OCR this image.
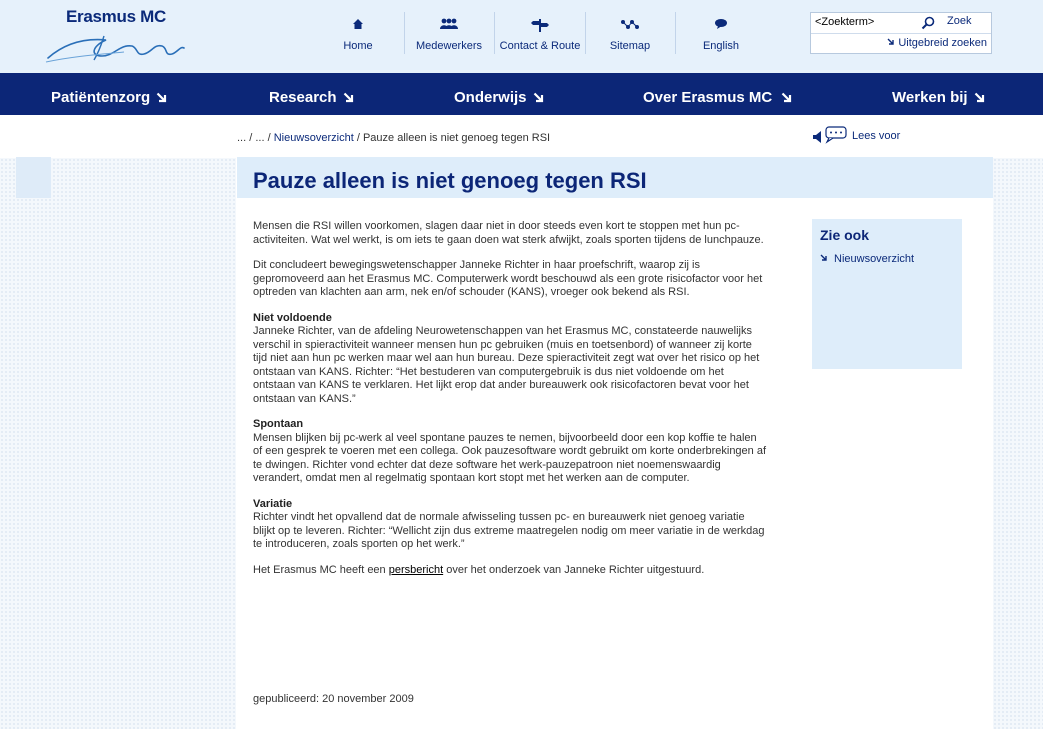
Erasmus MC
Home	Medewerkers	Contact & Route	Sitemap	English
<Zoekterm>
Zoek
Uitgebreid zoeken
Patiëntenzorg	Research	Onderwijs	Over Erasmus MC	Werken bij
... / ... / Nieuwsoverzicht / Pauze alleen is niet genoeg tegen RSI	Lees voor
Pauze alleen is niet genoeg tegen RSI

Mensen die RSI willen voorkomen, slagen daar niet in door steeds even kort te stoppen met hun pc-activiteiten. Wat wel werkt, is om iets te gaan doen wat sterk afwijkt, zoals sporten tijdens de lunchpauze.

Dit concludeert bewegingswetenschapper Janneke Richter in haar proefschrift, waarop zij is gepromoveerd aan het Erasmus MC. Computerwerk wordt beschouwd als een grote risicofactor voor het optreden van klachten aan arm, nek en/of schouder (KANS), vroeger ook bekend als RSI.

Niet voldoende
Janneke Richter, van de afdeling Neurowetenschappen van het Erasmus MC, constateerde nauwelijks verschil in spieractiviteit wanneer mensen hun pc gebruiken (muis en toetsenbord) of wanneer zij korte tijd niet aan hun pc werken maar wel aan hun bureau. Deze spieractiviteit zegt wat over het risico op het ontstaan van KANS. Richter: “Het bestuderen van computergebruik is dus niet voldoende om het ontstaan van KANS te verklaren. Het lijkt erop dat ander bureauwerk ook risicofactoren bevat voor het ontstaan van KANS.”
Spontaan
Mensen blijken bij pc-werk al veel spontane pauzes te nemen, bijvoorbeeld door een kop koffie te halen of een gesprek te voeren met een collega. Ook pauzesoftware wordt gebruikt om korte onderbrekingen af te dwingen. Richter vond echter dat deze software het werk-pauzepatroon niet noemenswaardig verandert, omdat men al regelmatig spontaan kort stopt met het werken aan de computer.
Variatie
Richter vindt het opvallend dat de normale afwisseling tussen pc- en bureauwerk niet genoeg variatie blijkt op te leveren. Richter: “Wellicht zijn dus extreme maatregelen nodig om meer variatie in de werkdag te introduceren, zoals sporten op het werk.”

Het Erasmus MC heeft een persbericht over het onderzoek van Janneke Richter uitgestuurd.

gepubliceerd: 20 november 2009
Zie ook
Nieuwsoverzicht
